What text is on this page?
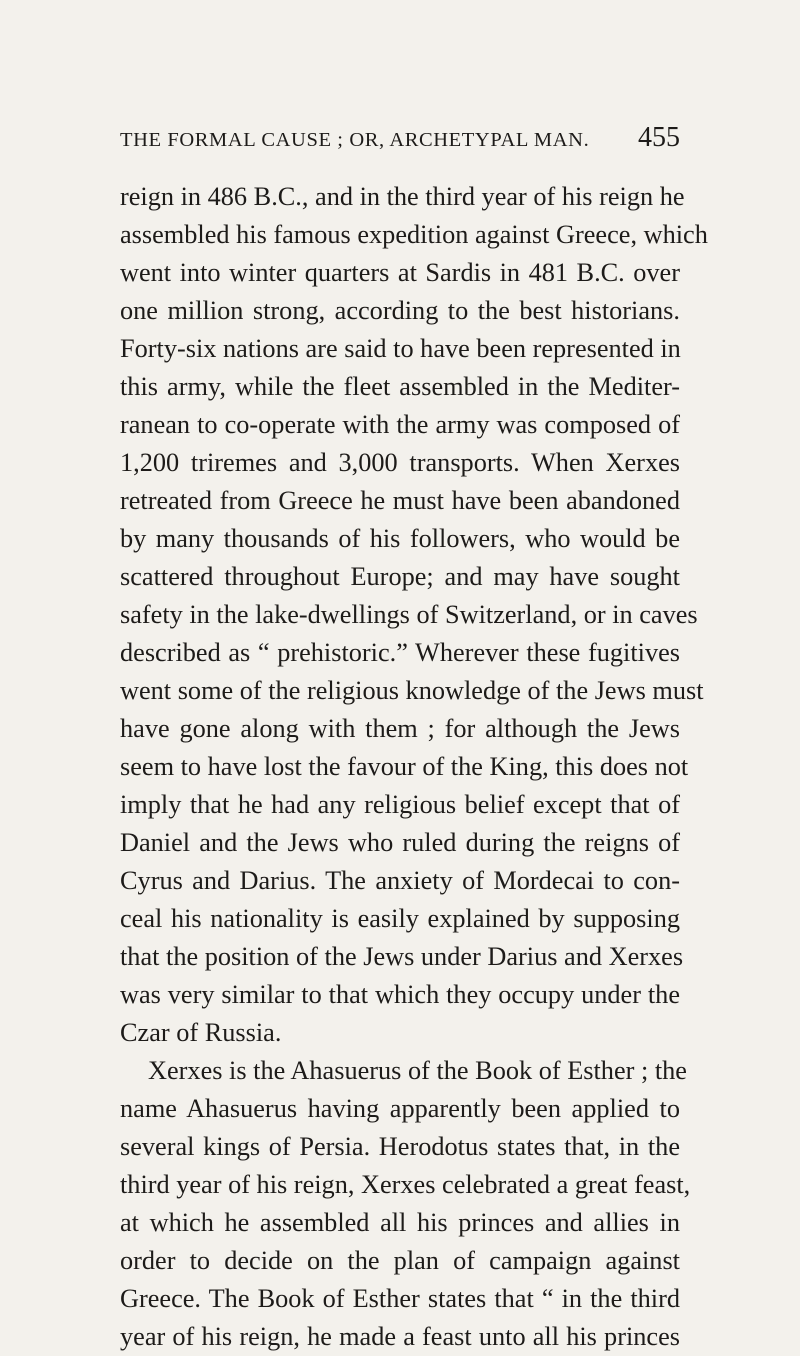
THE FORMAL CAUSE ; OR, ARCHETYPAL MAN. 455
reign in 486 B.C., and in the third year of his reign he
assembled his famous expedition against Greece, which
went into winter quarters at Sardis in 481 B.C. over
one million strong, according to the best historians.
Forty-six nations are said to have been represented in
this army, while the fleet assembled in the Mediter-
ranean to co-operate with the army was composed of
1,200 triremes and 3,000 transports. When Xerxes
retreated from Greece he must have been abandoned
by many thousands of his followers, who would be
scattered throughout Europe; and may have sought
safety in the lake-dwellings of Switzerland, or in caves
described as “ prehistoric.” Wherever these fugitives
went some of the religious knowledge of the Jews must
have gone along with them ; for although the Jews
seem to have lost the favour of the King, this does not
imply that he had any religious belief except that of
Daniel and the Jews who ruled during the reigns of
Cyrus and Darius. The anxiety of Mordecai to con-
ceal his nationality is easily explained by supposing
that the position of the Jews under Darius and Xerxes
was very similar to that which they occupy under the
Czar of Russia.
Xerxes is the Ahasuerus of the Book of Esther ; the
name Ahasuerus having apparently been applied to
several kings of Persia. Herodotus states that, in the
third year of his reign, Xerxes celebrated a great feast,
at which he assembled all his princes and allies in
order to decide on the plan of campaign against
Greece. The Book of Esther states that “ in the third
year of his reign, he made a feast unto all his princes
